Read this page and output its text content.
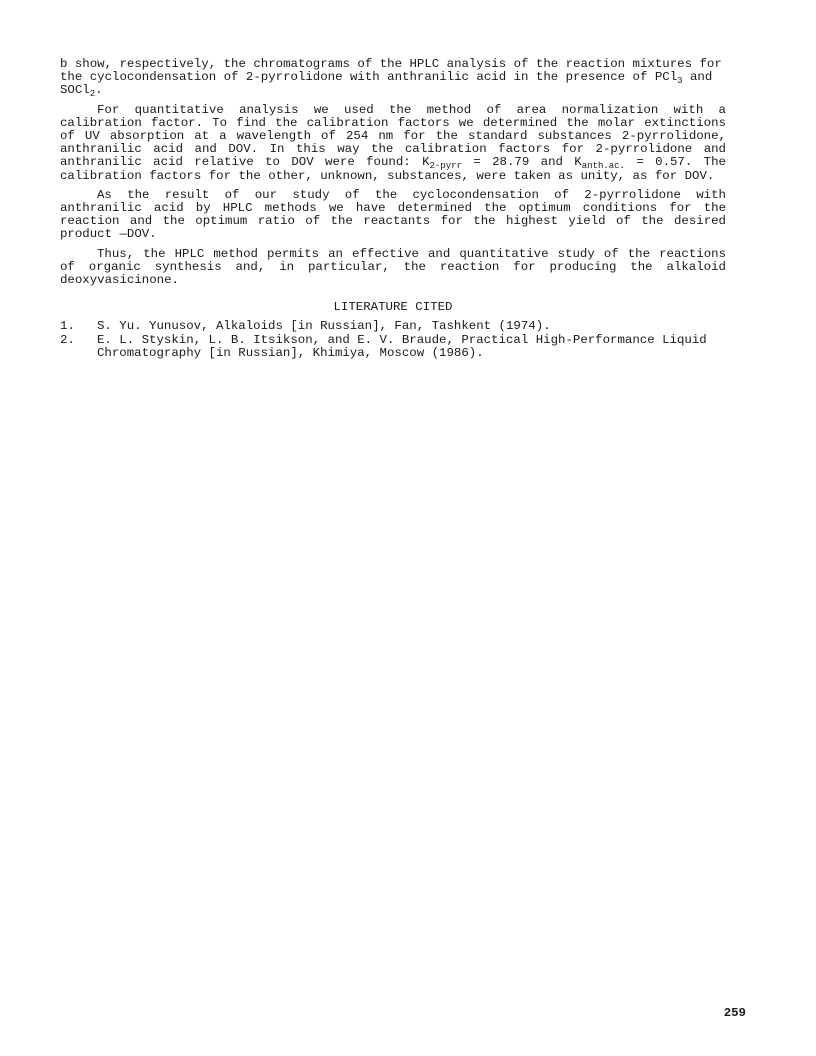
b show, respectively, the chromatograms of the HPLC analysis of the reaction mixtures for

the cyclocondensation of 2-pyrrolidone with anthranilic acid in the presence of PCl$_3$ and

SOCl$_2$.

For quantitative analysis we used the method of area normalization with a calibration factor. To find the calibration factors we determined the molar extinctions of UV absorption at a wavelength of 254 nm for the standard substances 2-pyrrolidone, anthranilic acid and DOV. In this way the calibration factors for 2-pyrrolidone and anthranilic acid relative to DOV were found: $K_{2-pyrr} = 28.79$ and $K_{anth.ac.} = 0.57$. The calibration factors for the other, unknown, substances, were taken as unity, as for DOV.

As the result of our study of the cyclocondensation of 2-pyrrolidone with anthranilic acid by HPLC methods we have determined the optimum conditions for the reaction and the optimum ratio of the reactants for the highest yield of the desired product —DOV.

Thus, the HPLC method permits an effective and quantitative study of the reactions of organic synthesis and, in particular, the reaction for producing the alkaloid deoxyvasicinone.

LITERATURE CITED
1.	S. Yu. Yunusov, Alkaloids [in Russian], Fan, Tashkent (1974).
2.	E. L. Styskin, L. B. Itsikson, and E. V. Braude, Practical High-Performance Liquid Chromatography [in Russian], Khimiya, Moscow (1986).
259
